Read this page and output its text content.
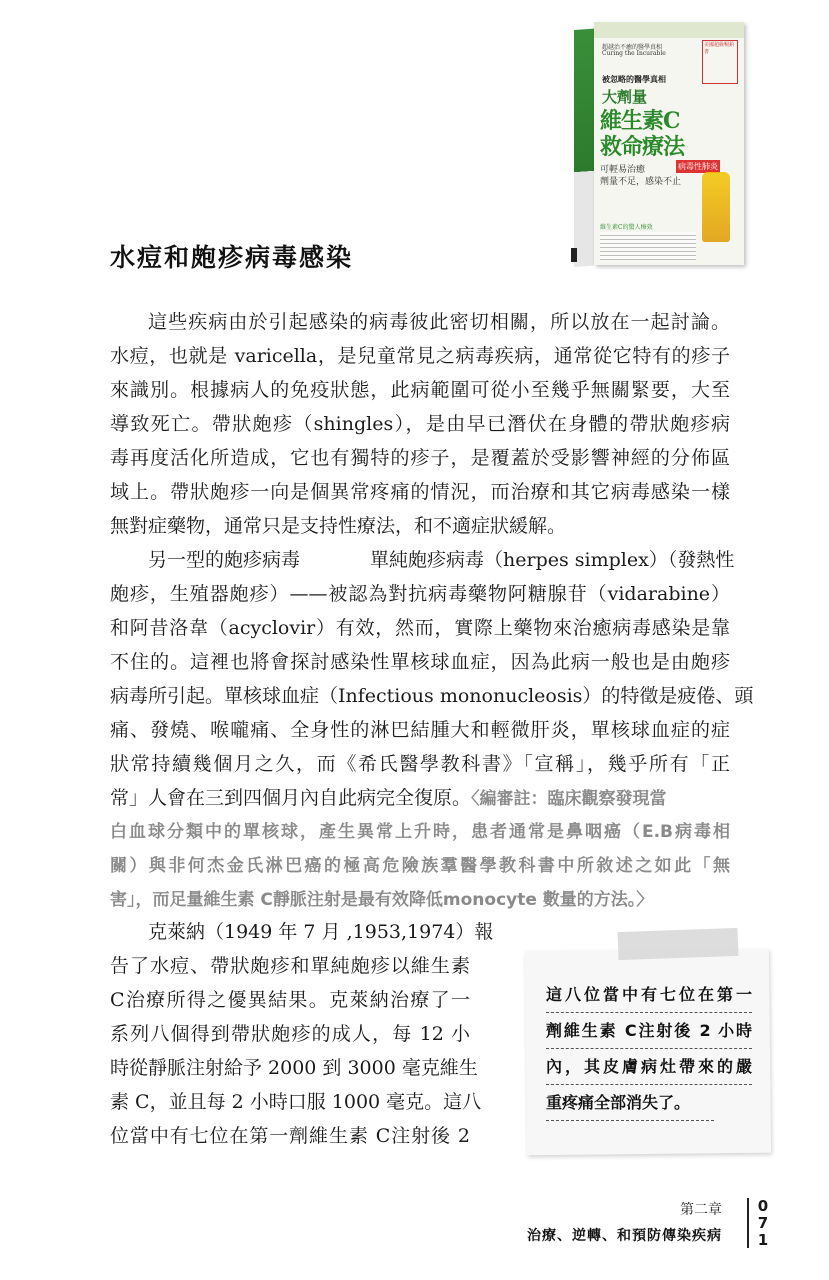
超越治不癒的醫學真相
Curing the Incurable
美國超級暢銷書
被忽略的醫學真相
大劑量
維生素C
救命療法
可輕易治癒
劑量不足，感染不止
病毒性肺炎
維生素C的驚人療效
水痘和皰疹病毒感染
這些疾病由於引起感染的病毒彼此密切相關，所以放在一起討論。
水痘，也就是 varicella，是兒童常見之病毒疾病，通常從它特有的疹子
來識別。根據病人的免疫狀態，此病範圍可從小至幾乎無關緊要，大至
導致死亡。帶狀皰疹（shingles），是由早已潛伏在身體的帶狀皰疹病
毒再度活化所造成，它也有獨特的疹子，是覆蓋於受影響神經的分佈區
域上。帶狀皰疹一向是個異常疼痛的情況，而治療和其它病毒感染一樣
無對症藥物，通常只是支持性療法，和不適症狀緩解。
另一型的皰疹病毒	單純皰疹病毒（herpes simplex）（發熱性
皰疹，生殖器皰疹）——被認為對抗病毒藥物阿糖腺苷（vidarabine）
和阿昔洛韋（acyclovir）有效，然而，實際上藥物來治癒病毒感染是靠
不住的。這裡也將會探討感染性單核球血症，因為此病一般也是由皰疹
病毒所引起。單核球血症（Infectious mononucleosis）的特徵是疲倦、頭
痛、發燒、喉嚨痛、全身性的淋巴結腫大和輕微肝炎，單核球血症的症
狀常持續幾個月之久，而《希氏醫學教科書》「宣稱」，幾乎所有「正
常」人會在三到四個月內自此病完全復原。〈編審註：臨床觀察發現當
白血球分類中的單核球，產生異常上升時，患者通常是鼻咽癌（E.B病毒相
關）與非何杰金氏淋巴癌的極高危險族羣醫學教科書中所敘述之如此「無
害」，而足量維生素 C靜脈注射是最有效降低monocyte 數量的方法。〉
克萊納（1949 年 7 月 ,1953,1974）報
告了水痘、帶狀皰疹和單純皰疹以維生素
C治療所得之優異結果。克萊納治療了一
系列八個得到帶狀皰疹的成人，每 12 小
時從靜脈注射給予 2000 到 3000 毫克維生
素 C，並且每 2 小時口服 1000 毫克。這八
位當中有七位在第一劑維生素 C注射後 2
這八位當中有七位在第一
劑維生素 C注射後 2 小時
內，其皮膚病灶帶來的嚴
重疼痛全部消失了。
第二章
治療、逆轉、和預防傳染疾病
0
7
1
